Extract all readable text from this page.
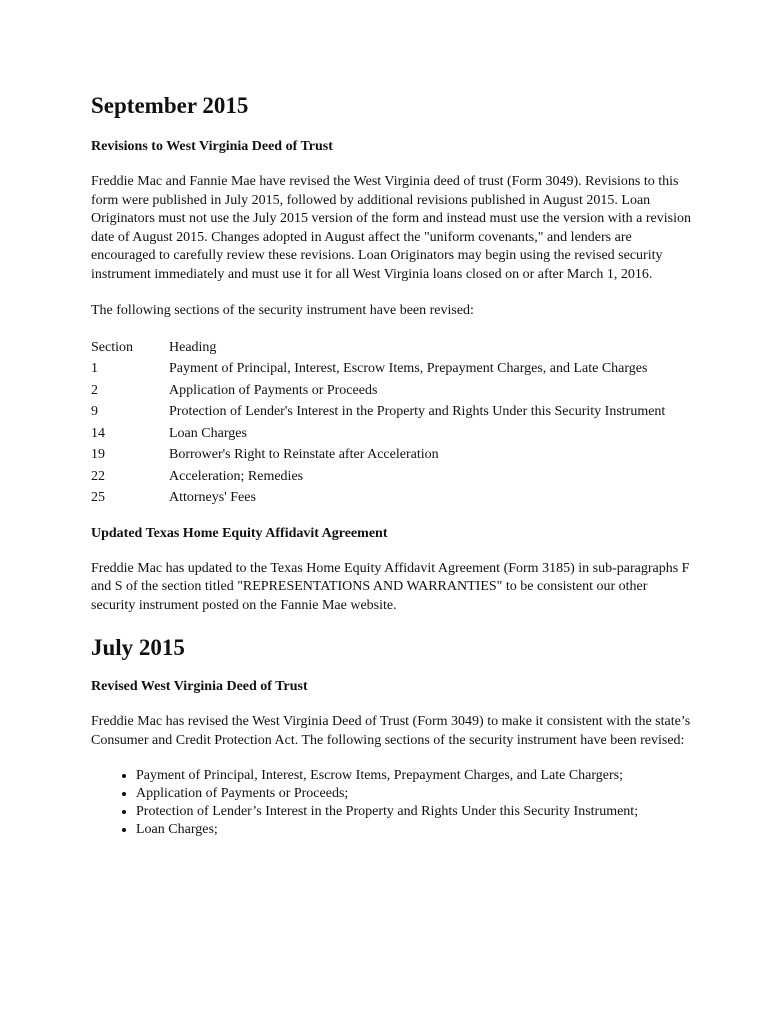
September 2015
Revisions to West Virginia Deed of Trust

Freddie Mac and Fannie Mae have revised the West Virginia deed of trust (Form 3049). Revisions to this form were published in July 2015, followed by additional revisions published in August 2015. Loan Originators must not use the July 2015 version of the form and instead must use the version with a revision date of August 2015. Changes adopted in August affect the "uniform covenants," and lenders are encouraged to carefully review these revisions. Loan Originators may begin using the revised security instrument immediately and must use it for all West Virginia loans closed on or after March 1, 2016.

The following sections of the security instrument have been revised:

Section	Heading
1	Payment of Principal, Interest, Escrow Items, Prepayment Charges, and Late Charges
2	Application of Payments or Proceeds
9	Protection of Lender's Interest in the Property and Rights Under this Security Instrument
14	Loan Charges
19	Borrower's Right to Reinstate after Acceleration
22	Acceleration; Remedies
25	Attorneys' Fees
Updated Texas Home Equity Affidavit Agreement

Freddie Mac has updated to the Texas Home Equity Affidavit Agreement (Form 3185) in sub-paragraphs F and S of the section titled "REPRESENTATIONS AND WARRANTIES" to be consistent our other security instrument posted on the Fannie Mae website.

July 2015
Revised West Virginia Deed of Trust

Freddie Mac has revised the West Virginia Deed of Trust (Form 3049) to make it consistent with the state’s Consumer and Credit Protection Act. The following sections of the security instrument have been revised:

• Payment of Principal, Interest, Escrow Items, Prepayment Charges, and Late Chargers;
• Application of Payments or Proceeds;
• Protection of Lender’s Interest in the Property and Rights Under this Security Instrument;
• Loan Charges;
